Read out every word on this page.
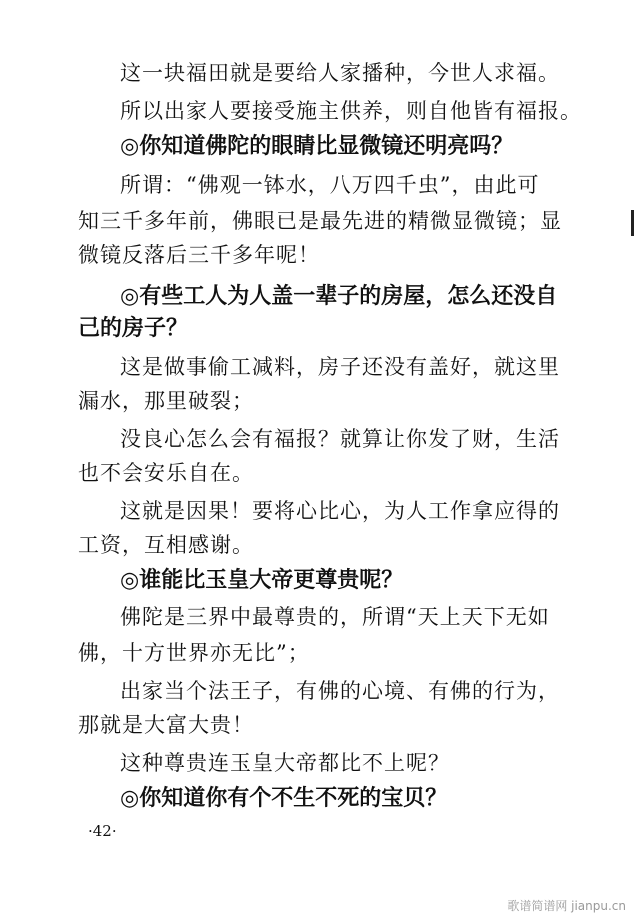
这一块福田就是要给人家播种，今世人求福。
所以出家人要接受施主供养，则自他皆有福报。
◎你知道佛陀的眼睛比显微镜还明亮吗？
所谓：“佛观一钵水，八万四千虫”，由此可
知三千多年前，佛眼已是最先进的精微显微镜；显
微镜反落后三千多年呢！
◎有些工人为人盖一辈子的房屋，怎么还没自
己的房子？
这是做事偷工减料，房子还没有盖好，就这里
漏水，那里破裂；
没良心怎么会有福报？就算让你发了财，生活
也不会安乐自在。
这就是因果！要将心比心，为人工作拿应得的
工资，互相感谢。
◎谁能比玉皇大帝更尊贵呢？
佛陀是三界中最尊贵的，所谓“天上天下无如
佛，十方世界亦无比”；
出家当个法王子，有佛的心境、有佛的行为，
那就是大富大贵！
这种尊贵连玉皇大帝都比不上呢？
◎你知道你有个不生不死的宝贝？
·42·
歌谱简谱网 jianpu.cn
